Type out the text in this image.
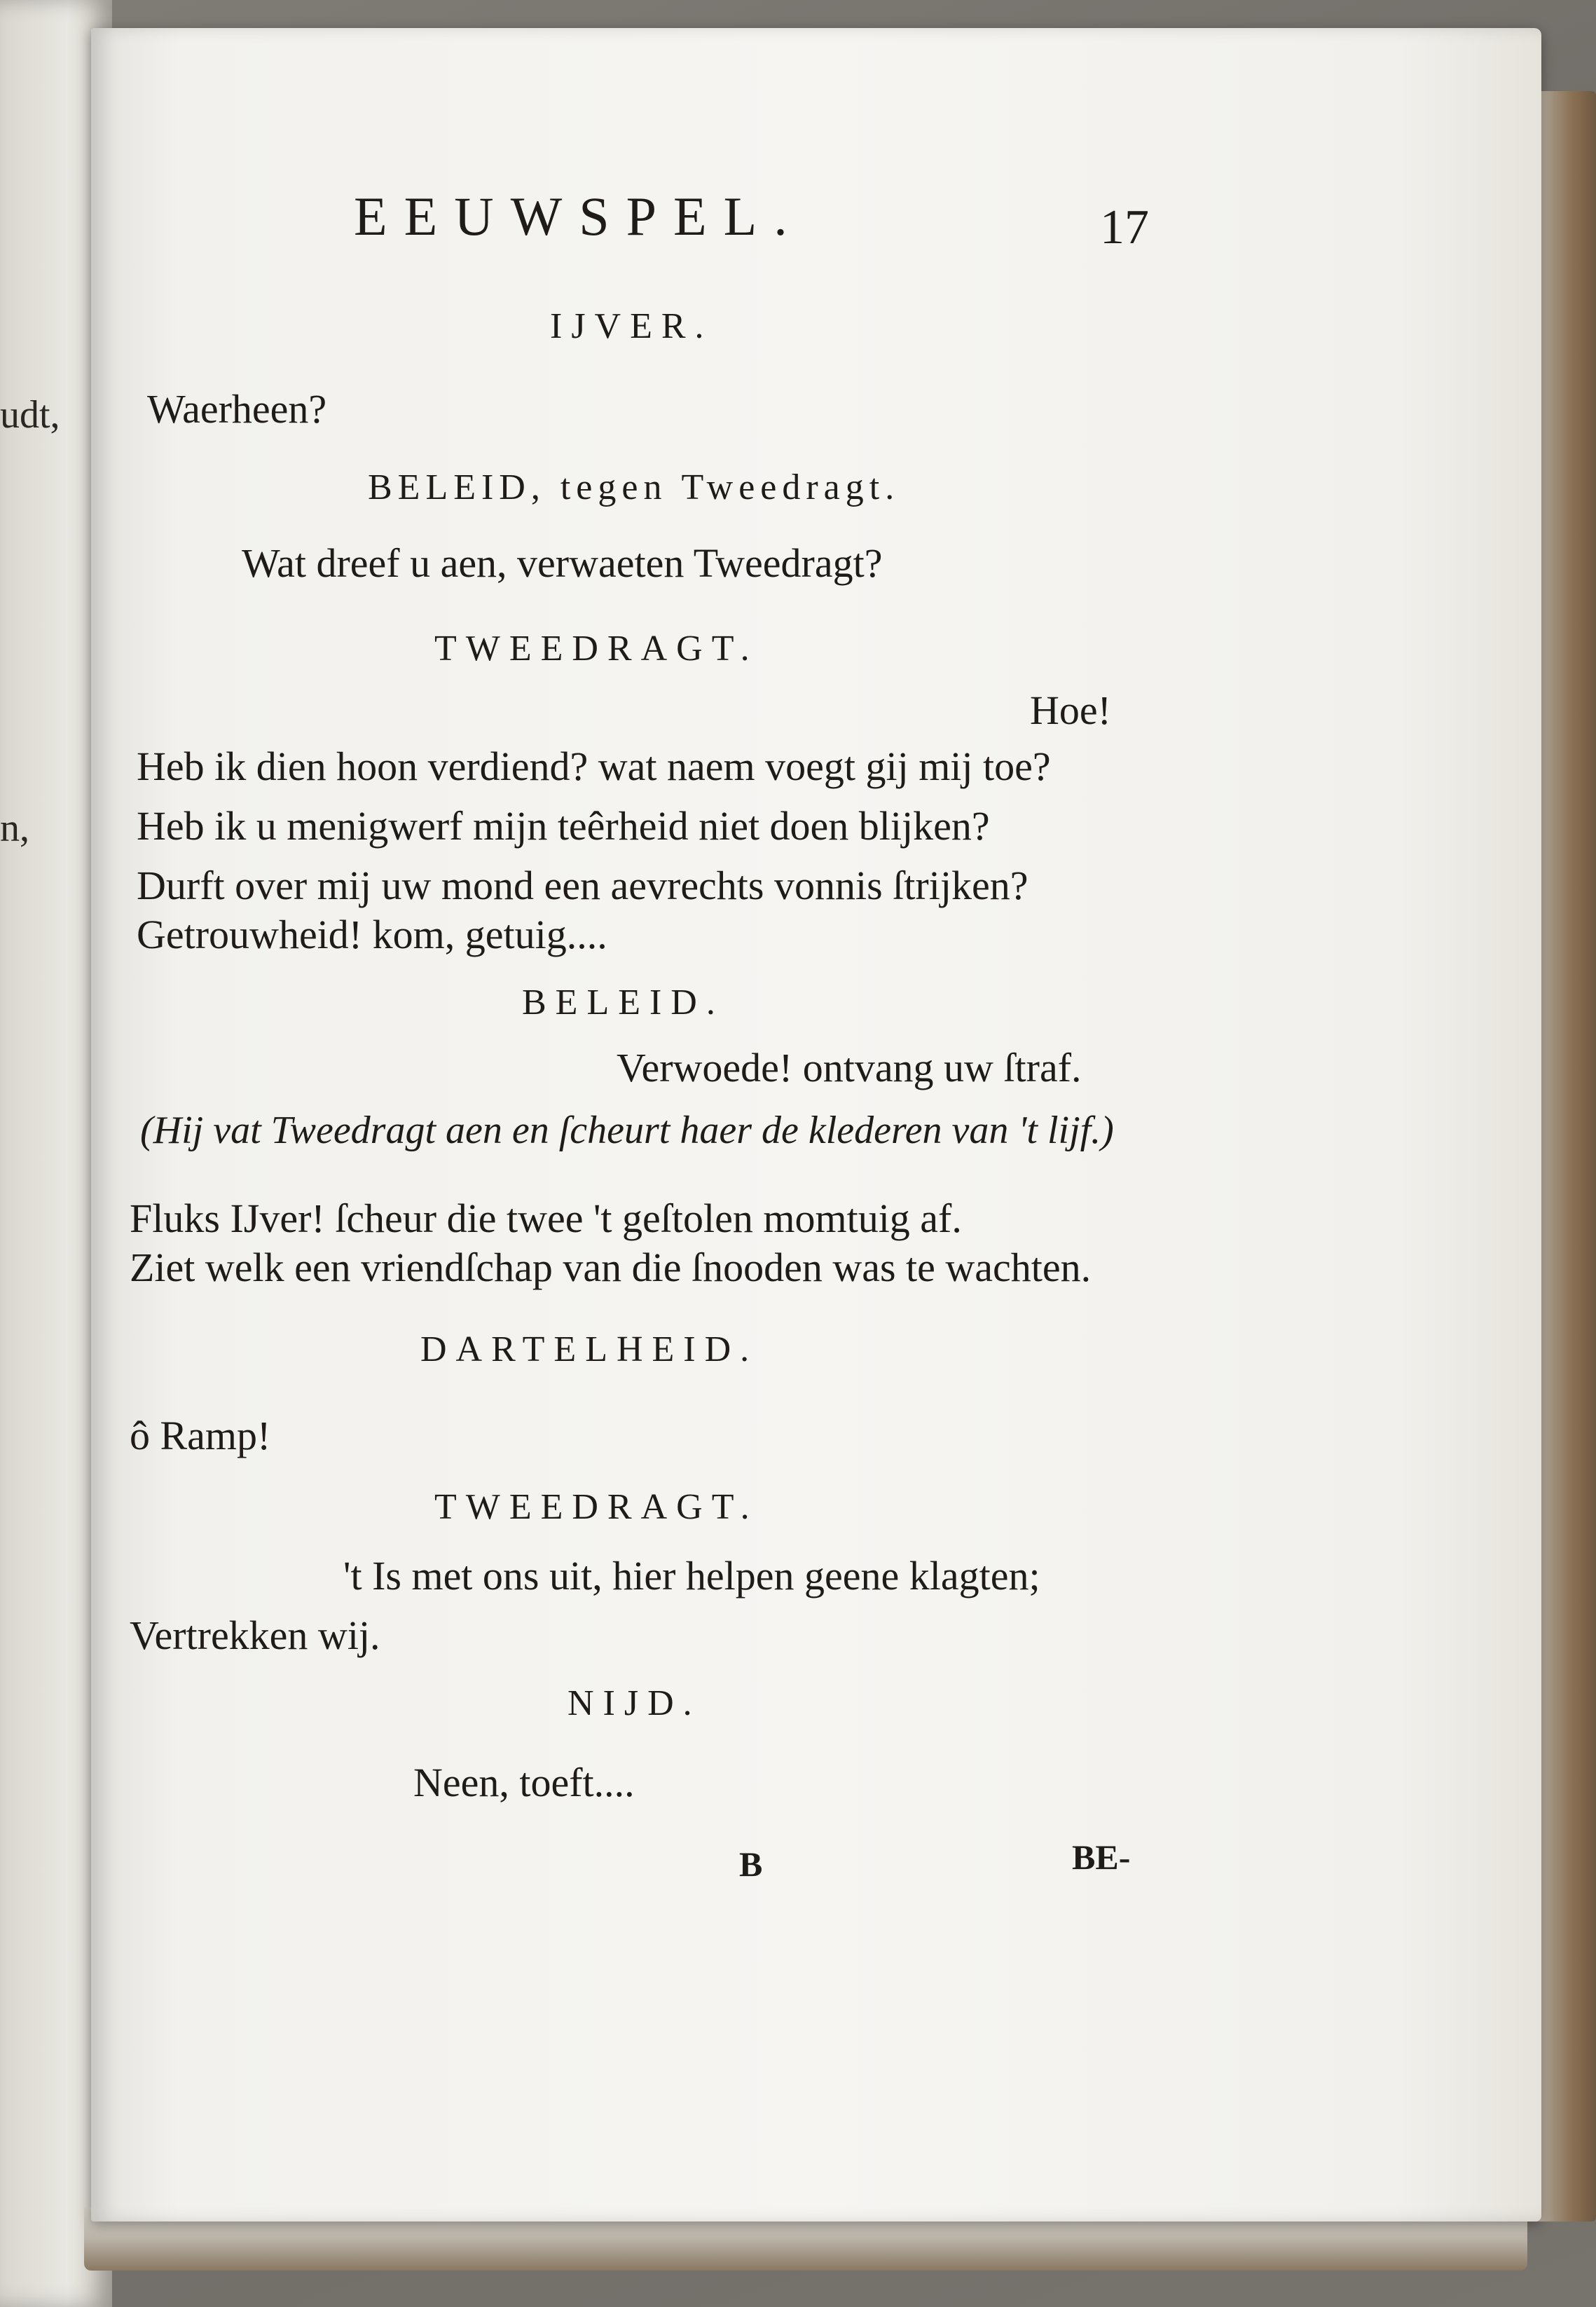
udt,
n,
EEUWSPEL.	17
IJVER.
Waerheen?
BELEID, tegen Tweedragt.
Wat dreef u aen, verwaeten Tweedragt?
TWEEDRAGT.
Hoe!
Heb ik dien hoon verdiend? wat naem voegt gij mij toe?
Heb ik u menigwerf mijn teêrheid niet doen blijken?
Durft over mij uw mond een aevrechts vonnis ſtrijken?
Getrouwheid! kom, getuig....
BELEID.
Verwoede! ontvang uw ſtraf.
(Hij vat Tweedragt aen en ſcheurt haer de klederen van 't lijf.)
Fluks IJver! ſcheur die twee 't geſtolen momtuig af.
Ziet welk een vriendſchap van die ſnooden was te wachten.
DARTELHEID.
ô Ramp!
TWEEDRAGT.
't Is met ons uit, hier helpen geene klagten;
Vertrekken wij.
NIJD.
Neen, toeft....
B	BE-
